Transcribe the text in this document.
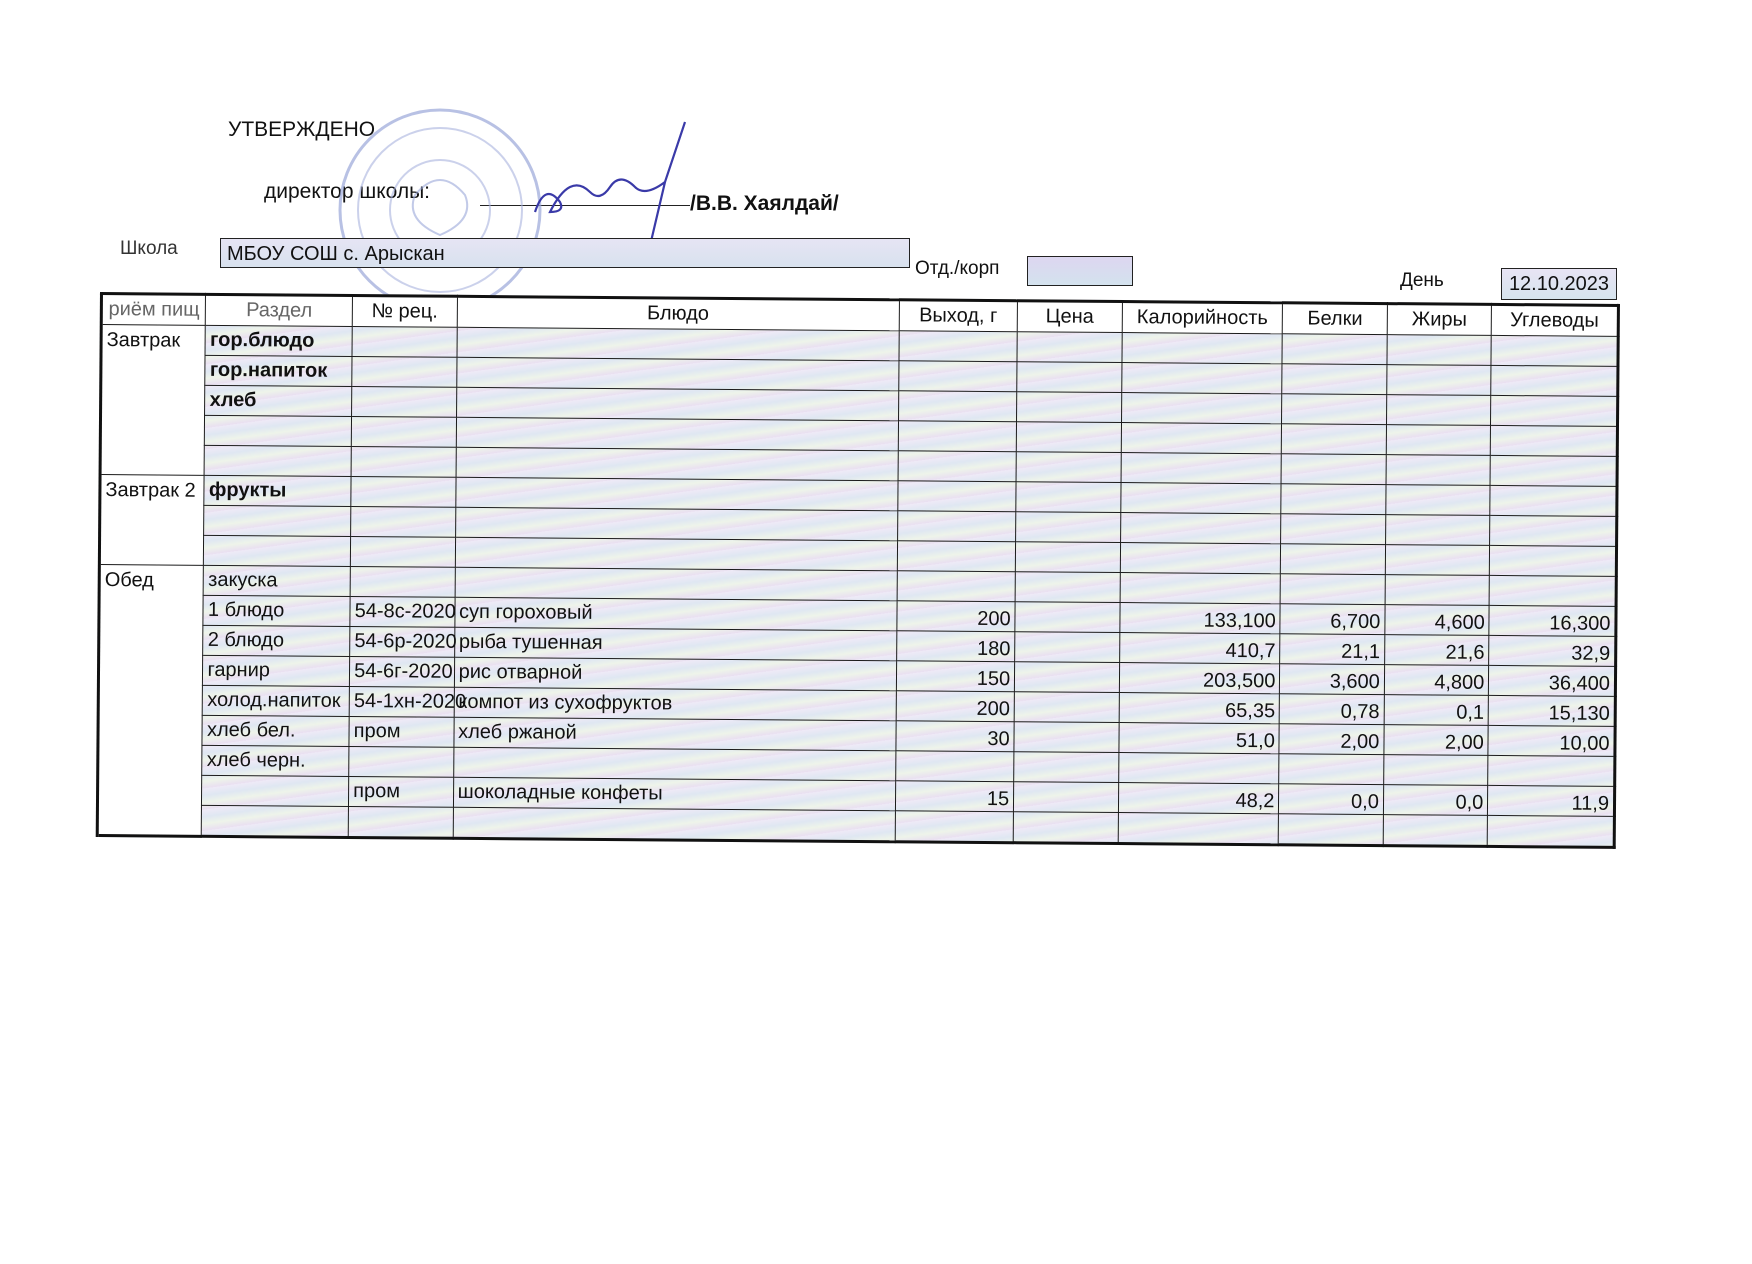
УТВЕРЖДЕНО
директор школы:
/В.В. Хаялдай/
Школа	МБОУ СОШ с. Арыскан
Отд./корп
День	12.10.2023
риём пищ	Раздел	№ рец.	Блюдо	Выход, г	Цена	Калорийность	Белки	Жиры	Углеводы
Завтрак	гор.блюдо								
	гор.напиток								
	хлеб								

Завтрак 2	фрукты								

Обед	закуска								
	1 блюдо	54-8с-2020	суп гороховый	200		133,100	6,700	4,600	16,300
	2 блюдо	54-6р-2020	рыба тушенная	180		410,7	21,1	21,6	32,9
	гарнир	54-6г-2020	рис отварной	150		203,500	3,600	4,800	36,400
	холод.напиток	54-1хн-2020	компот из сухофруктов	200		65,35	0,78	0,1	15,130
	хлеб бел.	пром	хлеб ржаной	30		51,0	2,00	2,00	10,00
	хлеб черн.								
		пром	шоколадные конфеты	15		48,2	0,0	0,0	11,9
